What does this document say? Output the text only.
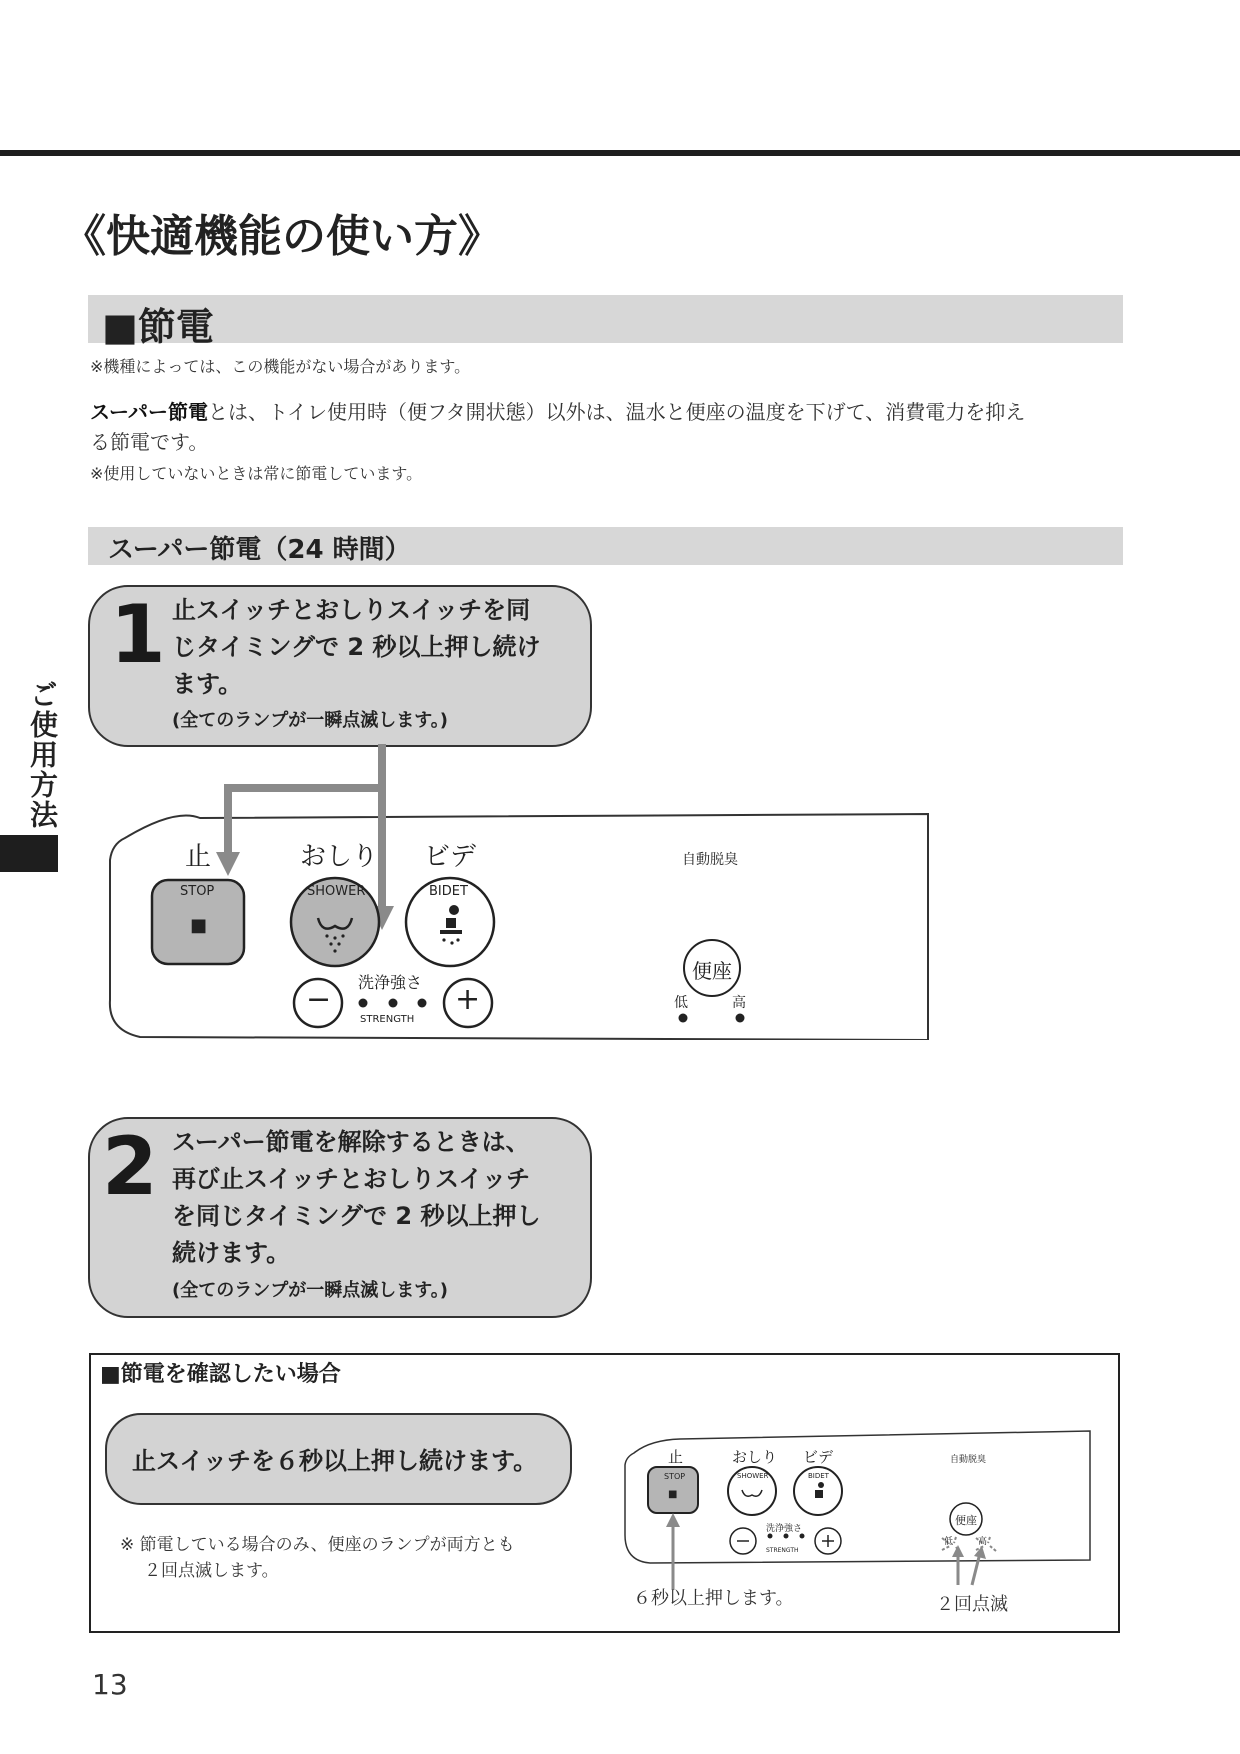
《快適機能の使い方》
ご使用方法
■節電
※機種によっては、この機能がない場合があります。
スーパー節電とは、トイレ使用時（便フタ開状態）以外は、温水と便座の温度を下げて、消費電力を抑え
る節電です。
※使用していないときは常に節電しています。
スーパー節電（24 時間）
1 止スイッチとおしりスイッチを同
じタイミングで 2 秒以上押し続け
ます。
(全てのランプが一瞬点滅します。)
止
STOP
■
おしり
SHOWER
ビデ
BIDET
自動脱臭
洗浄強さ
STRENGTH
−	+
便座
低	高
2 スーパー節電を解除するときは、
再び止スイッチとおしりスイッチ
を同じタイミングで 2 秒以上押し
続けます。
(全てのランプが一瞬点滅します。)
■節電を確認したい場合
止スイッチを６秒以上押し続けます。
※ 節電している場合のみ、便座のランプが両方とも
２回点滅します。
止
STOP
■
おしり
SHOWER
ビデ
BIDET
自動脱臭
洗浄強さ
STRENGTH
便座
低	高
６秒以上押します。	２回点滅
13
